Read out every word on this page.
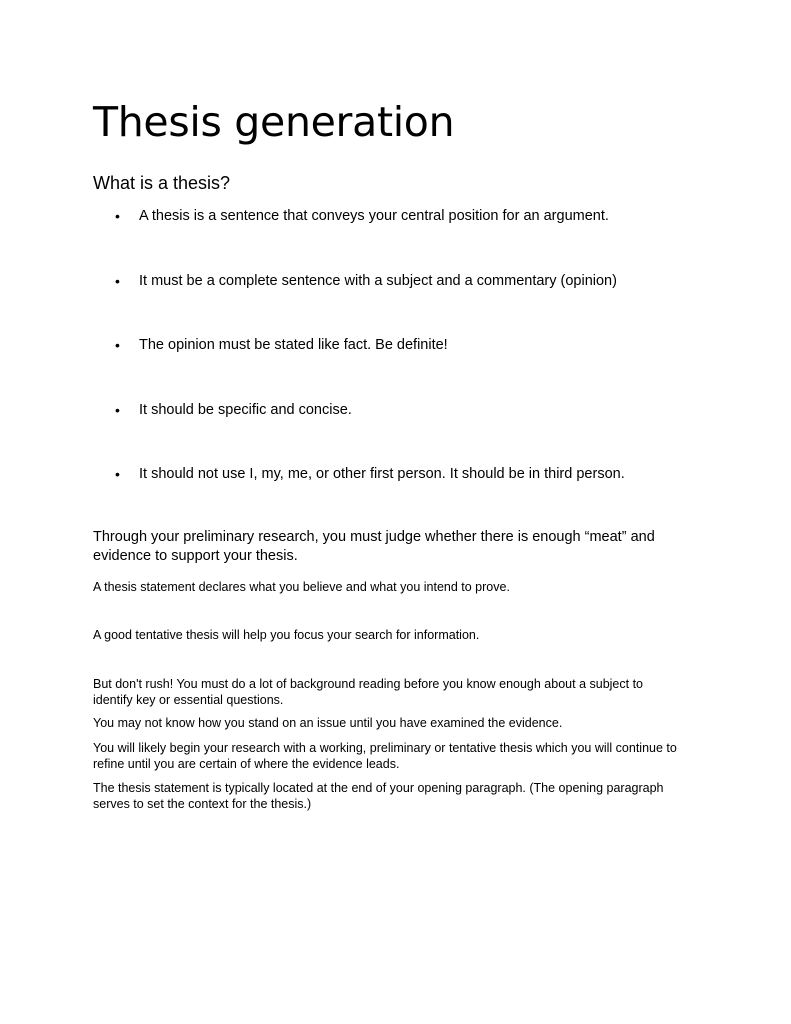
Thesis generation
What is a thesis?
• A thesis is a sentence that conveys your central position for an argument.
• It must be a complete sentence with a subject and a commentary (opinion)
• The opinion must be stated like fact. Be definite!
• It should be specific and concise.
• It should not use I, my, me, or other first person. It should be in third person.

Through your preliminary research, you must judge whether there is enough “meat” and evidence to support your thesis.

A thesis statement declares what you believe and what you intend to prove.

A good tentative thesis will help you focus your search for information.

But don't rush! You must do a lot of background reading before you know enough about a subject to identify key or essential questions.

You may not know how you stand on an issue until you have examined the evidence.

You will likely begin your research with a working, preliminary or tentative thesis which you will continue to refine until you are certain of where the evidence leads.

The thesis statement is typically located at the end of your opening paragraph. (The opening paragraph serves to set the context for the thesis.)
